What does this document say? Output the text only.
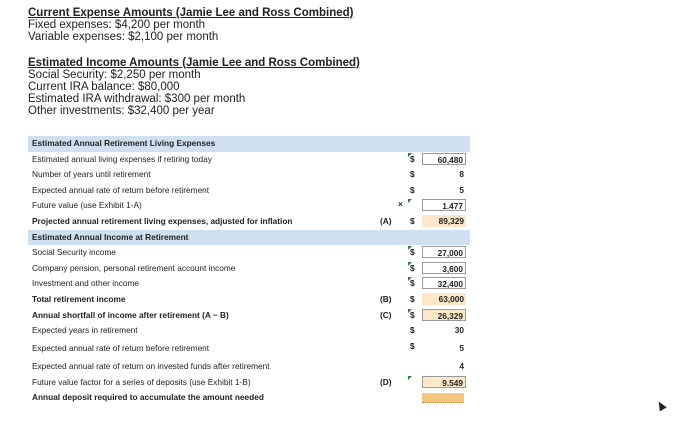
Current Expense Amounts (Jamie Lee and Ross Combined)
Fixed expenses: $4,200 per month
Variable expenses: $2,100 per month
Estimated Income Amounts (Jamie Lee and Ross Combined)
Social Security: $2,250 per month
Current IRA balance: $80,000
Estimated IRA withdrawal: $300 per month
Other investments: $32,400 per year
Estimated Annual Retirement Living Expenses
Estimated annual living expenses if retiring today	$	60,480
Number of years until retirement	$	8
Expected annual rate of return before retirement	$	5
Future value (use Exhibit 1-A)	×	1.477
Projected annual retirement living expenses, adjusted for inflation	(A) $	89,329
Estimated Annual Income at Retirement
Social Security income	$	27,000
Company pension, personal retirement account income	$	3,600
Investment and other income	$	32,400
Total retirement income	(B) $	63,000
Annual shortfall of income after retirement (A − B)	(C) $	26,329
Expected years in retirement	$	30
Expected annual rate of return before retirement	$	5
Expected annual rate of return on invested funds after retirement	4
Future value factor for a series of deposits (use Exhibit 1-B)	(D)	9.549
Annual deposit required to accumulate the amount needed
